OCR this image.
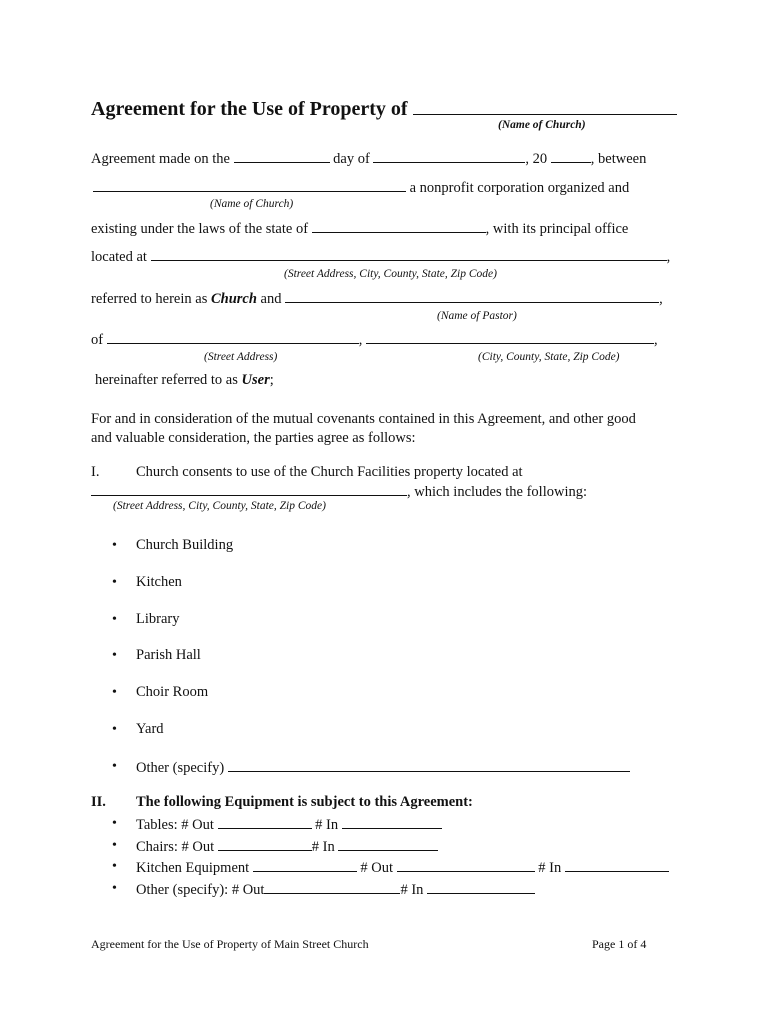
Agreement for the Use of Property of
(Name of Church)
Agreement made on the	day of	, 20	, between
a nonprofit corporation organized and
(Name of Church)
existing under the laws of the state of	, with its principal office
located at	,
(Street Address, City, County, State, Zip Code)
referred to herein as Church and	,
(Name of Pastor)
of	,	,
(Street Address)	(City, County, State, Zip Code)
hereinafter referred to as User;
For and in consideration of the mutual covenants contained in this Agreement, and other good
and valuable consideration, the parties agree as follows:
I.	Church consents to use of the Church Facilities property located at
, which includes the following:
(Street Address, City, County, State, Zip Code)
• Church Building
• Kitchen
• Library
• Parish Hall
• Choir Room
• Yard
• Other (specify)
II. The following Equipment is subject to this Agreement:
• Tables: # Out	# In
• Chairs: # Out	# In
• Kitchen Equipment	# Out	# In
• Other (specify): # Out	# In
Agreement for the Use of Property of Main Street Church	Page 1 of 4
